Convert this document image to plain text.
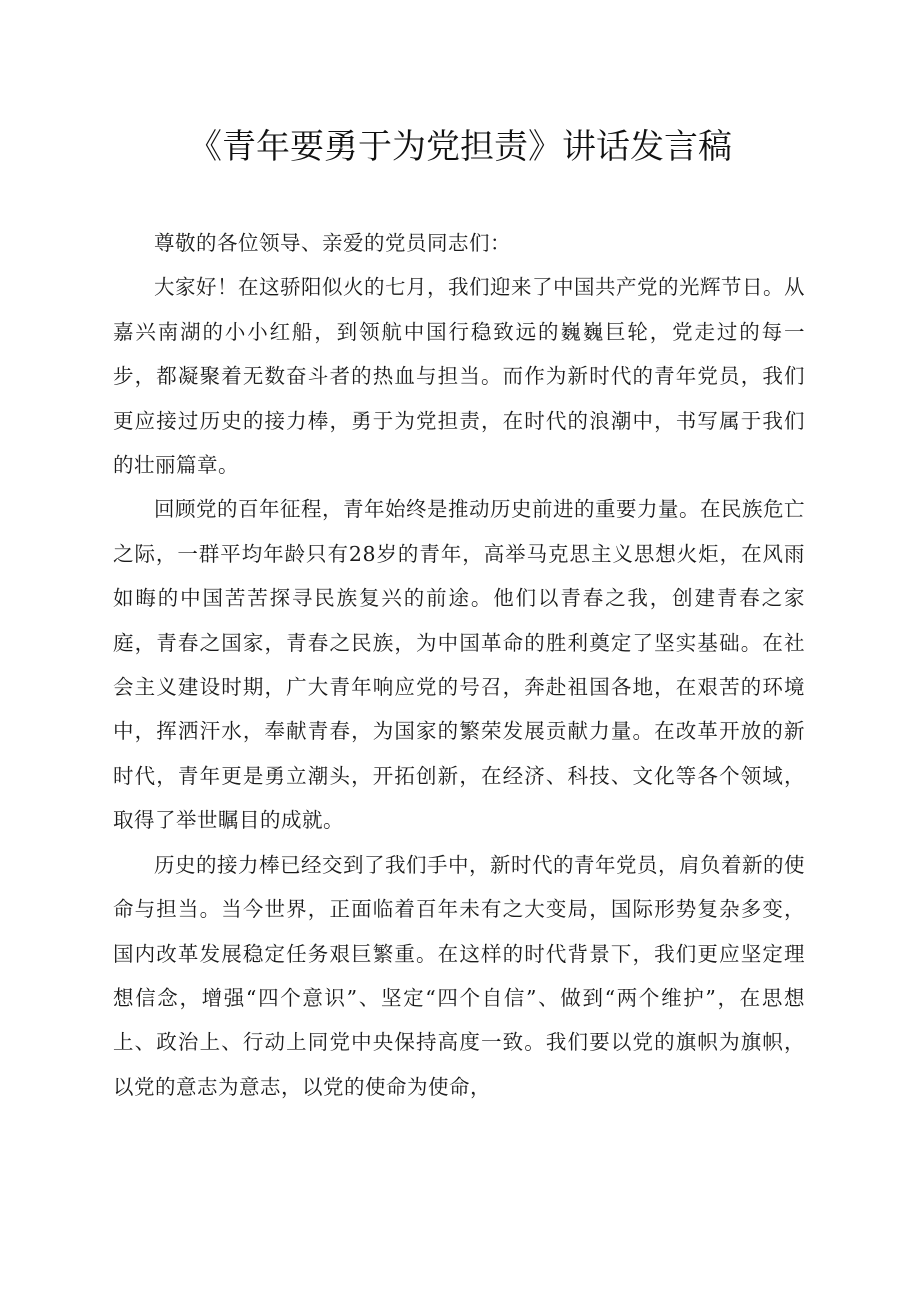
《青年要勇于为党担责》讲话发言稿

尊敬的各位领导、亲爱的党员同志们：

大家好！在这骄阳似火的七月，我们迎来了中国共产党的光辉节日。从嘉兴南湖的小小红船，到领航中国行稳致远的巍巍巨轮，党走过的每一步，都凝聚着无数奋斗者的热血与担当。而作为新时代的青年党员，我们更应接过历史的接力棒，勇于为党担责，在时代的浪潮中，书写属于我们的壮丽篇章。

回顾党的百年征程，青年始终是推动历史前进的重要力量。在民族危亡之际，一群平均年龄只有28岁的青年，高举马克思主义思想火炬，在风雨如晦的中国苦苦探寻民族复兴的前途。他们以青春之我，创建青春之家庭，青春之国家，青春之民族，为中国革命的胜利奠定了坚实基础。在社会主义建设时期，广大青年响应党的号召，奔赴祖国各地，在艰苦的环境中，挥洒汗水，奉献青春，为国家的繁荣发展贡献力量。在改革开放的新时代，青年更是勇立潮头，开拓创新，在经济、科技、文化等各个领域，取得了举世瞩目的成就。

历史的接力棒已经交到了我们手中，新时代的青年党员，肩负着新的使命与担当。当今世界，正面临着百年未有之大变局，国际形势复杂多变，国内改革发展稳定任务艰巨繁重。在这样的时代背景下，我们更应坚定理想信念，增强“四个意识”、坚定“四个自信”、做到“两个维护”，在思想上、政治上、行动上同党中央保持高度一致。我们要以党的旗帜为旗帜，以党的意志为意志，以党的使命为使命，
